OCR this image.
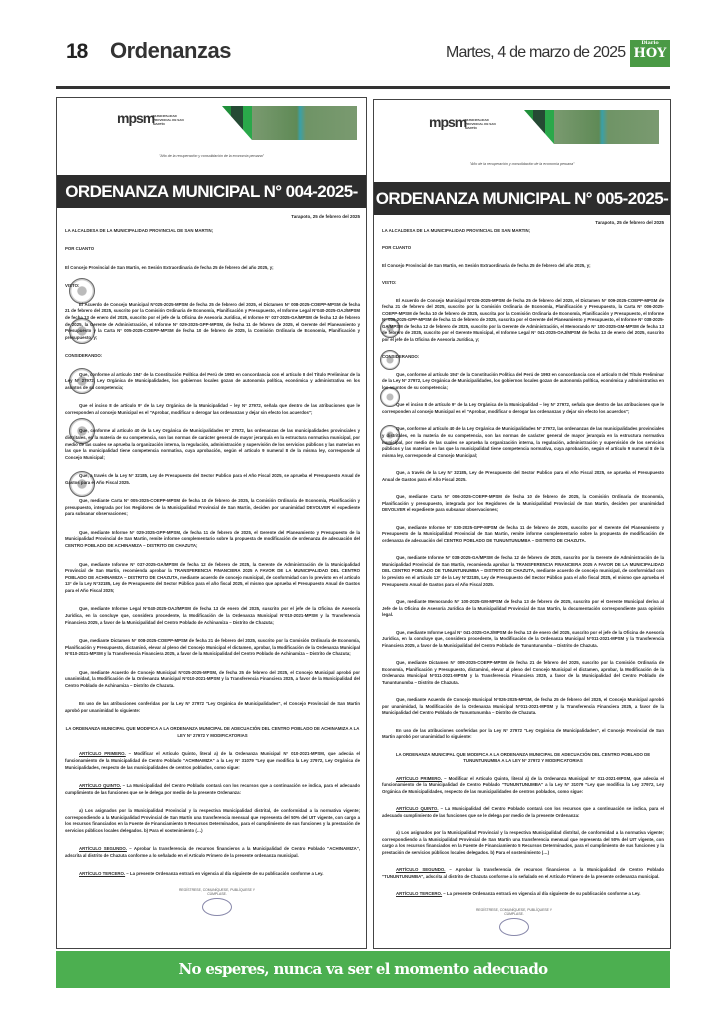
18 Ordenanzas	Martes, 4 de marzo de 2025
Diario
HOY
mpsm
MUNICIPALIDAD PROVINCIAL DE SAN MARTÍN
"Año de la recuperación y consolidación de la economía peruana"
ORDENANZA MUNICIPAL N° 004-2025-MPSM	Tarapoto, 25 de febrero del 2025
LA ALCALDESA DE LA MUNICIPALIDAD PROVINCIAL DE SAN MARTIN;
POR CUANTO
El Concejo Provincial de San Martin, en Sesión Extraordinaria de fecha 25 de febrero del año 2025, y;
VISTO:
El Acuerdo de Concejo Municipal N°025-2025-MPSM de fecha 25 de febrero del 2025, el Dictamen N° 008-2025-COEPP-MPSM de fecha 21 de febrero del 2025, suscrito por la Comisión Ordinaria de Economía, Planificación y Presupuesto, el Informe Legal N°040-2025-OAJ/MPSM de fecha 13 de enero del 2025, suscrito por el jefe de la Oficina de Asesoría Jurídica, el Informe N° 037-2025-GA/MPSM de fecha 12 de febrero de 2025, la Gerente de Administración, el Informe N° 029-2025-GPP-MPSM, de fecha 11 de febrero de 2025, el Gerente del Planeamiento y Presupuesto y la Carta N° 005-2025-COEPP-MPSM de fecha 10 de febrero de 2025, la Comisión Ordinaria de Economía, Planificación y presupuesto, y;
CONSIDERANDO:
Que, conforme al artículo 194° de la Constitución Política del Perú de 1993 en concordancia con el artículo II del Título Preliminar de la Ley N° 27972, Ley Orgánica de Municipalidades, los gobiernos locales gozan de autonomía política, económica y administrativa en los asuntos de su competencia;
Que el inciso 8 de artículo 9° de la Ley Orgánica de la Municipalidad – ley N° 27972, señala que dentro de las atribuciones que le corresponden al concejo Municipal es el "Aprobar, modificar o derogar las ordenanzas y dejar sin efecto los acuerdos";
Que, conforme al artículo 40 de la Ley Orgánica de Municipalidades N° 27972, las ordenanzas de las municipalidades provinciales y distritales, en la materia de su competencia, son las normas de carácter general de mayor jerarquía en la estructura normativa municipal, por medio de las cuales se aprueba la organización interna, la regulación, administración y supervisión de los servicios públicos y las materias en las que la municipalidad tiene competencia normativa, cuya aprobación, según el artículo 9 numeral 8 de la misma ley, corresponde al Concejo Municipal;
Que, a través de la Ley N° 32185, Ley de Presupuesto del Sector Publico para el Año Fiscal 2025, se aprueba el Presupuesto Anual de Gastos para el Año Fiscal 2025.
Que, mediante Carta N° 005-2025-COEPP-MPSM de fecha 10 de febrero de 2025, la Comisión Ordinaria de Economía, Planificación y presupuesto, integrada por los Regidores de la Municipalidad Provincial de San Martin, deciden por unanimidad DEVOLVER el expediente para subsanar observaciones;
Que, mediante Informe N° 029-2025-GPP-MPSM, de fecha 11 de febrero de 2025, el Gerente del Planeamiento y Presupuesto de la Municipalidad Provincial de San Martin, remite informe complementario sobre la propuesta de modificación de ordenanza de adecuación del CENTRO POBLADO DE ACHINAMIZA – DISTRITO DE CHAZUTA;
Que, mediante Informe N° 037-2025-GA/MPSM de fecha 12 de febrero de 2025, la Gerente de Administración de la Municipalidad Provincial de San Martin, recomienda aprobar la TRANSFERENCIA FINANCIERA 2025 A FAVOR DE LA MUNICIPALIDAD DEL CENTRO POBLADO DE ACHINAMIZA – DISTRITO DE CHAZUTA, mediante acuerdo de concejo municipal, de conformidad con lo previsto en el artículo 13° de la Ley N°32185, Ley de Presupuesto del Sector Público para el año fiscal 2025, el mismo que aprueba el Presupuesto Anual de Gastos para el Año Fiscal 2025;
Que, mediante Informe Legal N°040-2025-OAJ/MPSM de fecha 13 de enero del 2025, suscrito por el jefe de la Oficina de Asesoría Jurídica, en la concluye que, considera procedente, la Modificación de la Ordenanza Municipal N°010-2021-MPSM y la Transferencia Financiera 2025, a favor de la Municipalidad del Centro Poblado de Achinamiza – Distrito de Chazuta;
Que, mediante Dictamen N° 008-2025-COEPP-MPSM de fecha 21 de febrero del 2025, suscrito por la Comisión Ordinaria de Economía, Planificación y Presupuesto, dictaminó, elevar al pleno del Concejo Municipal el dictamen, aprobar, la Modificación de la Ordenanza Municipal N°010-2021-MPSM y la Transferencia Financiera 2025, a favor de la Municipalidad del Centro Poblado de Achinamiza – Distrito de Chazuta;
Que, mediante Acuerdo de Concejo Municipal N°025-2025-MPSM, de fecha 25 de febrero del 2025, el Concejo Municipal aprobó por unanimidad, la Modificación de la Ordenanza Municipal N°010-2021-MPSM y la Transferencia Financiera 2025, a favor de la Municipalidad del Centro Poblado de Achinamiza – Distrito de Chazuta.
En uso de las atribuciones conferidas por la Ley N° 27972 "Ley Orgánica de Municipalidades", el Concejo Provincial de San Martin aprobó por unanimidad lo siguiente:
LA ORDENANZA MUNICIPAL QUE MODIFICA A LA ORDENANZA MUNICIPAL DE ADECUACIÓN DEL CENTRO POBLADO DE ACHINAMIZA A LA LEY N° 27972 Y MODIFICATORIAS
ARTÍCULO PRIMERO. – Modificar el Artículo Quinto, literal a) de la Ordenanza Municipal N° 010-2021-MPSM, que adecúa el funcionamiento de la Municipalidad de Centro Poblado "ACHINAMIZA" a la Ley N° 31079 "Ley que modifica la Ley 27972, Ley Orgánica de Municipalidades, respecto de las municipalidades de centros poblados, como sigue:
ARTÍCULO QUINTO. – La Municipalidad del Centro Poblado contará con los recursos que a continuación se indica, para el adecuado cumplimiento de las funciones que se le delega por medio de la presente Ordenanza:
a) Los asignados por la Municipalidad Provincial y la respectiva Municipalidad distrital, de conformidad a la normativa vigente; correspondiendo a la Municipalidad Provincial de San Martín una transferencia mensual que representa del 50% del UIT vigente, con cargo a los recursos financiados en la Fuente de Financiamiento 5 Recursos Determinados, para el cumplimiento de sus funciones y la prestación de servicios públicos locales delegados. b) Para el sostenimiento (…)
ARTÍCULO SEGUNDO. – Aprobar la transferencia de recursos financieros a la Municipalidad de Centro Poblado "ACHINAMIZA", adscrita al distrito de Chazuta conforme a lo señalado en el Artículo Primero de la presente ordenanza municipal.
ARTÍCULO TERCERO. – La presente Ordenanza entrará en vigencia al día siguiente de su publicación conforme a Ley.
REGÍSTRESE, COMUNÍQUESE, PUBLÍQUESE Y CÚMPLASE.
mpsm
MUNICIPALIDAD PROVINCIAL DE SAN MARTÍN
"Año de la recuperación y consolidación de la economía peruana"
ORDENANZA MUNICIPAL N° 005-2025-MPSM	Tarapoto, 25 de febrero del 2025
LA ALCALDESA DE LA MUNICIPALIDAD PROVINCIAL DE SAN MARTIN;
POR CUANTO
El Concejo Provincial de San Martin, en Sesión Extraordinaria de fecha 25 de febrero del año 2025, y;
VISTO:
El Acuerdo de Concejo Municipal N°026-2025-MPSM de fecha 25 de febrero del 2025, el Dictamen N° 009-2025-COEPP-MPSM de fecha 21 de febrero del 2025, suscrito por la Comisión Ordinaria de Economía, Planificación y Presupuesto, la Carta N° 006-2025-COEPP-MPSM de fecha 10 de febrero de 2025, suscrita por la Comisión Ordinaria de Economía, Planificación y Presupuesto, el Informe N° 030-2025-GPP-MPSM de fecha 11 de febrero de 2025, suscrita por el Gerente del Planeamiento y Presupuesto, el Informe N° 038-2025-GA/MPSM de fecha 12 de febrero de 2025, suscrito por la Gerente de Administración, el Memorando N° 100-2025-GM-MPSM de fecha 13 de febrero de 2025, suscrito por el Gerente Municipal, el Informe Legal N° 041-2025-OAJ/MPSM de fecha 13 de enero del 2025, suscrito por el jefe de la Oficina de Asesoría Jurídica, y;
CONSIDERANDO:
Que, conforme al artículo 194° de la Constitución Política del Perú de 1993 en concordancia con el artículo II del Título Preliminar de la Ley N° 27972, Ley Orgánica de Municipalidades, los gobiernos locales gozan de autonomía política, económica y administrativa en los asuntos de su competencia;
Que el inciso 8 de artículo 9° de la Ley Orgánica de la Municipalidad – ley N° 27972, señala que dentro de las atribuciones que le corresponden al concejo Municipal es el "Aprobar, modificar o derogar las ordenanzas y dejar sin efecto los acuerdos";
Que, conforme al artículo 40 de la Ley Orgánica de Municipalidades N° 27972, las ordenanzas de las municipalidades provinciales y distritales, en la materia de su competencia, son las normas de carácter general de mayor jerarquía en la estructura normativa municipal, por medio de las cuales se aprueba la organización interna, la regulación, administración y supervisión de los servicios públicos y las materias en las que la municipalidad tiene competencia normativa, cuya aprobación, según el artículo 9 numeral 8 de la misma ley, corresponde al Concejo Municipal;
Que, a través de la Ley N° 32185, Ley de Presupuesto del Sector Publico para el Año Fiscal 2025, se aprueba el Presupuesto Anual de Gastos para el Año Fiscal 2025.
Que, mediante Carta N° 006-2025-COEPP-MPSM de fecha 10 de febrero de 2025, la Comisión Ordinaria de Economía, Planificación y presupuesto, integrada por los Regidores de la Municipalidad Provincial de San Martin, deciden por unanimidad DEVOLVER el expediente para subsanar observaciones;
Que, mediante Informe N° 030-2025-GPP-MPSM de fecha 11 de febrero de 2025, suscrito por el Gerente del Planeamiento y Presupuesto de la Municipalidad Provincial de San Martin, remite informe complementario sobre la propuesta de modificación de ordenanza de adecuación del CENTRO POBLADO DE TUNUNTUNUMBA – DISTRITO DE CHAZUTA.
Que, mediante Informe N° 038-2025-GA/MPSM de fecha 12 de febrero de 2025, suscrito por la Gerente de Administración de la Municipalidad Provincial de San Martin, recomienda aprobar la TRANSFERENCIA FINANCIERA 2025 A FAVOR DE LA MUNICIPALIDAD DEL CENTRO POBLADO DE TUNUNTUNUMBA – DISTRITO DE CHAZUTA, mediante acuerdo de concejo municipal, de conformidad con lo previsto en el artículo 13° de la Ley N°32185, Ley de Presupuesto del Sector Público para el año fiscal 2025, el mismo que aprueba el Presupuesto Anual de Gastos para el Año Fiscal 2025.
Que, mediante Memorando N° 100-2025-GM-MPSM de fecha 13 de febrero de 2025, suscrito por el Gerente Municipal deriva al Jefe de la Oficina de Asesoría Jurídica de la Municipalidad Provincial de San Martin, la documentación correspondiente para opinión legal.
Que, mediante Informe Legal N° 041-2025-OAJ/MPSM de fecha 13 de enero del 2025, suscrito por el jefe de la Oficina de Asesoría Jurídica, en la concluye que, considera procedente, la Modificación de la Ordenanza Municipal N°011-2021-MPSM y la Transferencia Financiera 2025, a favor de la Municipalidad del Centro Poblado de Tununtunumba – Distrito de Chazuta.
Que, mediante Dictamen N° 009-2025-COEPP-MPSM de fecha 21 de febrero del 2025, suscrito por la Comisión Ordinaria de Economía, Planificación y Presupuesto, dictaminó, elevar al pleno del Concejo Municipal el dictamen, aprobar, la Modificación de la Ordenanza Municipal N°011-2021-MPSM y la Transferencia Financiera 2025, a favor de la Municipalidad del Centro Poblado de Tununtunumba – Distrito de Chazuta.
Que, mediante Acuerdo de Concejo Municipal N°026-2025-MPSM, de fecha 25 de febrero del 2025, el Concejo Municipal aprobó por unanimidad, la Modificación de la Ordenanza Municipal N°011-2021-MPSM y la Transferencia Financiera 2025, a favor de la Municipalidad del Centro Poblado de Tununtunumba – Distrito de Chazuta.
En uso de las atribuciones conferidas por la Ley N° 27972 "Ley Orgánica de Municipalidades", el Concejo Provincial de San Martin aprobó por unanimidad lo siguiente:
LA ORDENANZA MUNICIPAL QUE MODIFICA A LA ORDENANZA MUNICIPAL DE ADECUACIÓN DEL CENTRO POBLADO DE TUNUNTUNUMBA A LA LEY N° 27972 Y MODIFICATORIAS
ARTÍCULO PRIMERO. – Modificar el Artículo Quinto, literal a) de la Ordenanza Municipal N° 011-2021-MPSM, que adecúa el funcionamiento de la Municipalidad de Centro Poblado "TUNUNTUNUMBA" a la Ley N° 31079 "Ley que modifica la Ley 27972, Ley Orgánica de Municipalidades, respecto de las municipalidades de centros poblados, como sigue:
ARTÍCULO QUINTO. – La Municipalidad del Centro Poblado contará con los recursos que a continuación se indica, para el adecuado cumplimiento de las funciones que se le delega por medio de la presente Ordenanza:
a) Los asignados por la Municipalidad Provincial y la respectiva Municipalidad distrital, de conformidad a la normativa vigente; correspondiendo a la Municipalidad Provincial de San Martín una transferencia mensual que representa del 50% del UIT vigente, con cargo a los recursos financiados en la Fuente de Financiamiento 5 Recursos Determinados, para el cumplimiento de sus funciones y la prestación de servicios públicos locales delegados. b) Para el sostenimiento (…)
ARTÍCULO SEGUNDO. – Aprobar la transferencia de recursos financieros a la Municipalidad de Centro Poblado "TUNUNTUNUMBA", adscrita al distrito de Chazuta conforme a lo señalado en el Artículo Primero de la presente ordenanza municipal.
ARTÍCULO TERCERO. – La presente Ordenanza entrará en vigencia al día siguiente de su publicación conforme a Ley.
REGÍSTRESE, COMUNÍQUESE, PUBLÍQUESE Y CÚMPLASE.
No esperes, nunca va ser el momento adecuado
